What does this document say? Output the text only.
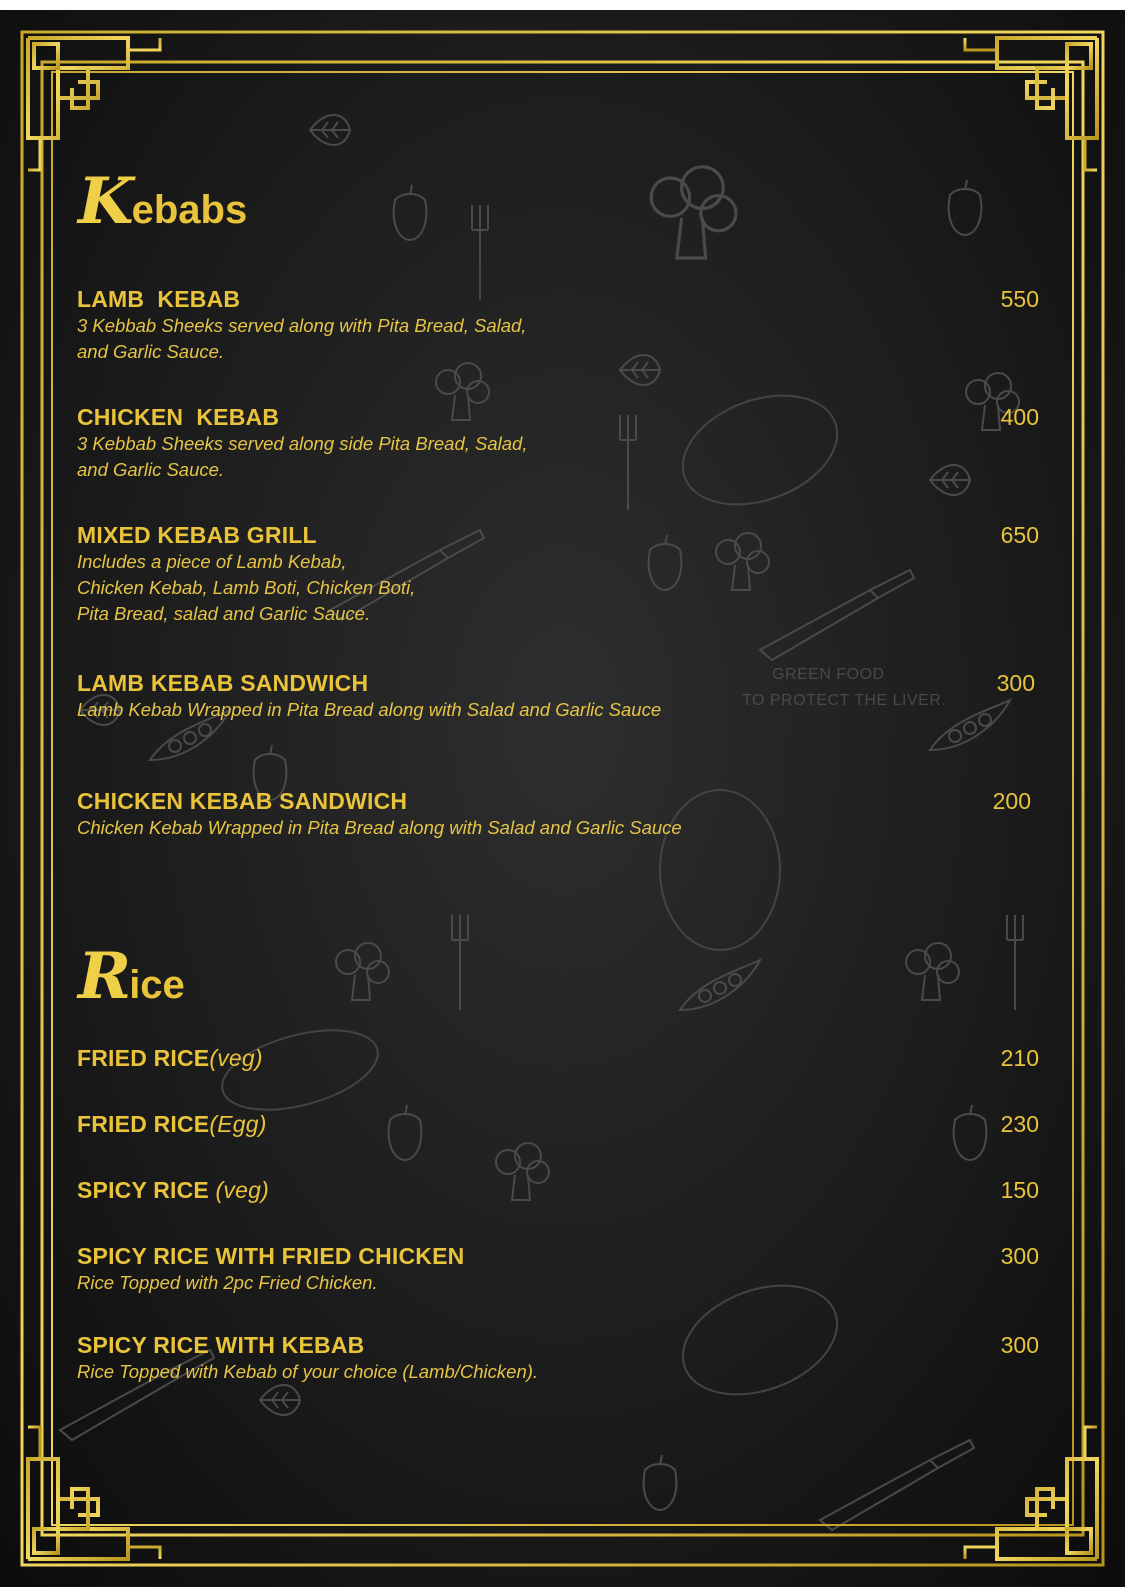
GREEN FOOD
TO PROTECT THE LIVER.
Kebabs
LAMB  KEBAB	550
3 Kebbab Sheeks served along with Pita Bread, Salad,
and Garlic Sauce.
CHICKEN  KEBAB	400
3 Kebbab Sheeks served along side Pita Bread, Salad,
and Garlic Sauce.
MIXED KEBAB GRILL	650
Includes a piece of Lamb Kebab,
Chicken Kebab, Lamb Boti, Chicken Boti,
Pita Bread, salad and Garlic Sauce.
LAMB KEBAB SANDWICH	300
Lamb Kebab Wrapped in Pita Bread along with Salad and Garlic Sauce
CHICKEN KEBAB SANDWICH	200
Chicken Kebab Wrapped in Pita Bread along with Salad and Garlic Sauce
Rice
FRIED RICE(veg)	210
FRIED RICE(Egg)	230
SPICY RICE (veg)	150
SPICY RICE WITH FRIED CHICKEN	300
Rice Topped with 2pc Fried Chicken.
SPICY RICE WITH KEBAB	300
Rice Topped with Kebab of your choice (Lamb/Chicken).
